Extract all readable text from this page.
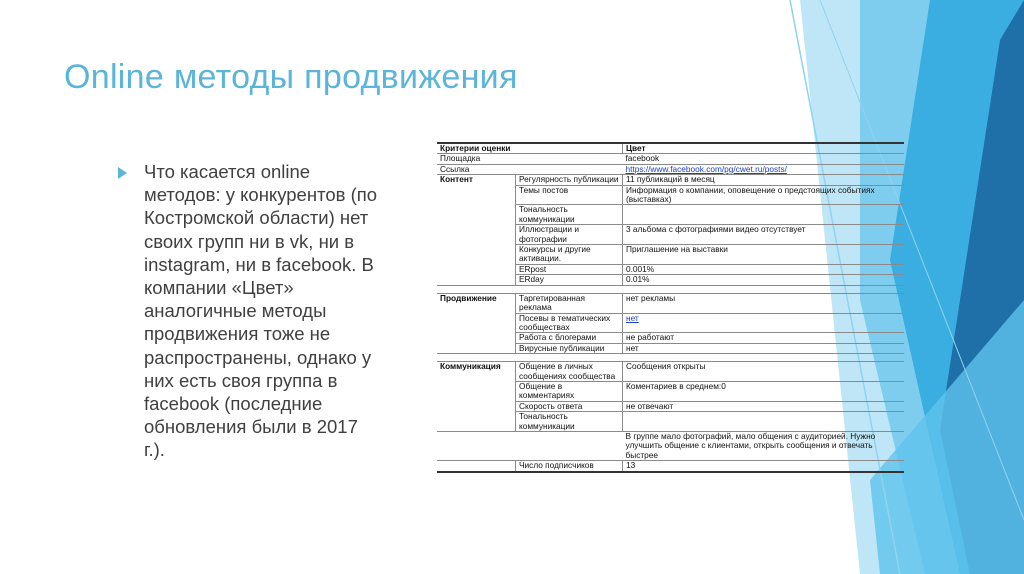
Online методы продвижения
Что касается online методов: у конкурентов (по Костромской области) нет своих групп ни в vk, ни в instagram, ни в facebook. В компании «Цвет» аналогичные методы продвижения тоже не распространены, однако у них есть своя группа в facebook (последние обновления были в 2017 г.).
Критерии оценки		Цвет
Площадка		facebook
Ссылка		https://www.facebook.com/pg/cwet.ru/posts/
Контент	Регулярность публикации	11 публикаций в месяц
	Темы постов	Информация о компании, оповещение о предстоящих событиях (выставках)
	Тональность коммуникации	
	Иллюстрации и фотографии	3 альбома с фотографиями видео отсутствует
	Конкурсы и другие активации.	Приглашение на выставки
	ERpost	0.001%
	ERday	0.01%

Продвижение	Таргетированная реклама	нет рекламы
	Посевы в тематических сообществах	нет
	Работа с блогерами	не работают
	Вирусные публикации	нет

Коммуникация	Общение в личных сообщениях сообщества	Сообщения открыты
	Общение в комментариях	Коментариев в среднем:0
	Скорость ответа	не отвечают
	Тональность коммуникации	
		В группе мало фотографий, мало общения с аудиторией. Нужно улучшить общение с клиентами, открыть сообщения и отвечать быстрее
	Число подписчиков	13
